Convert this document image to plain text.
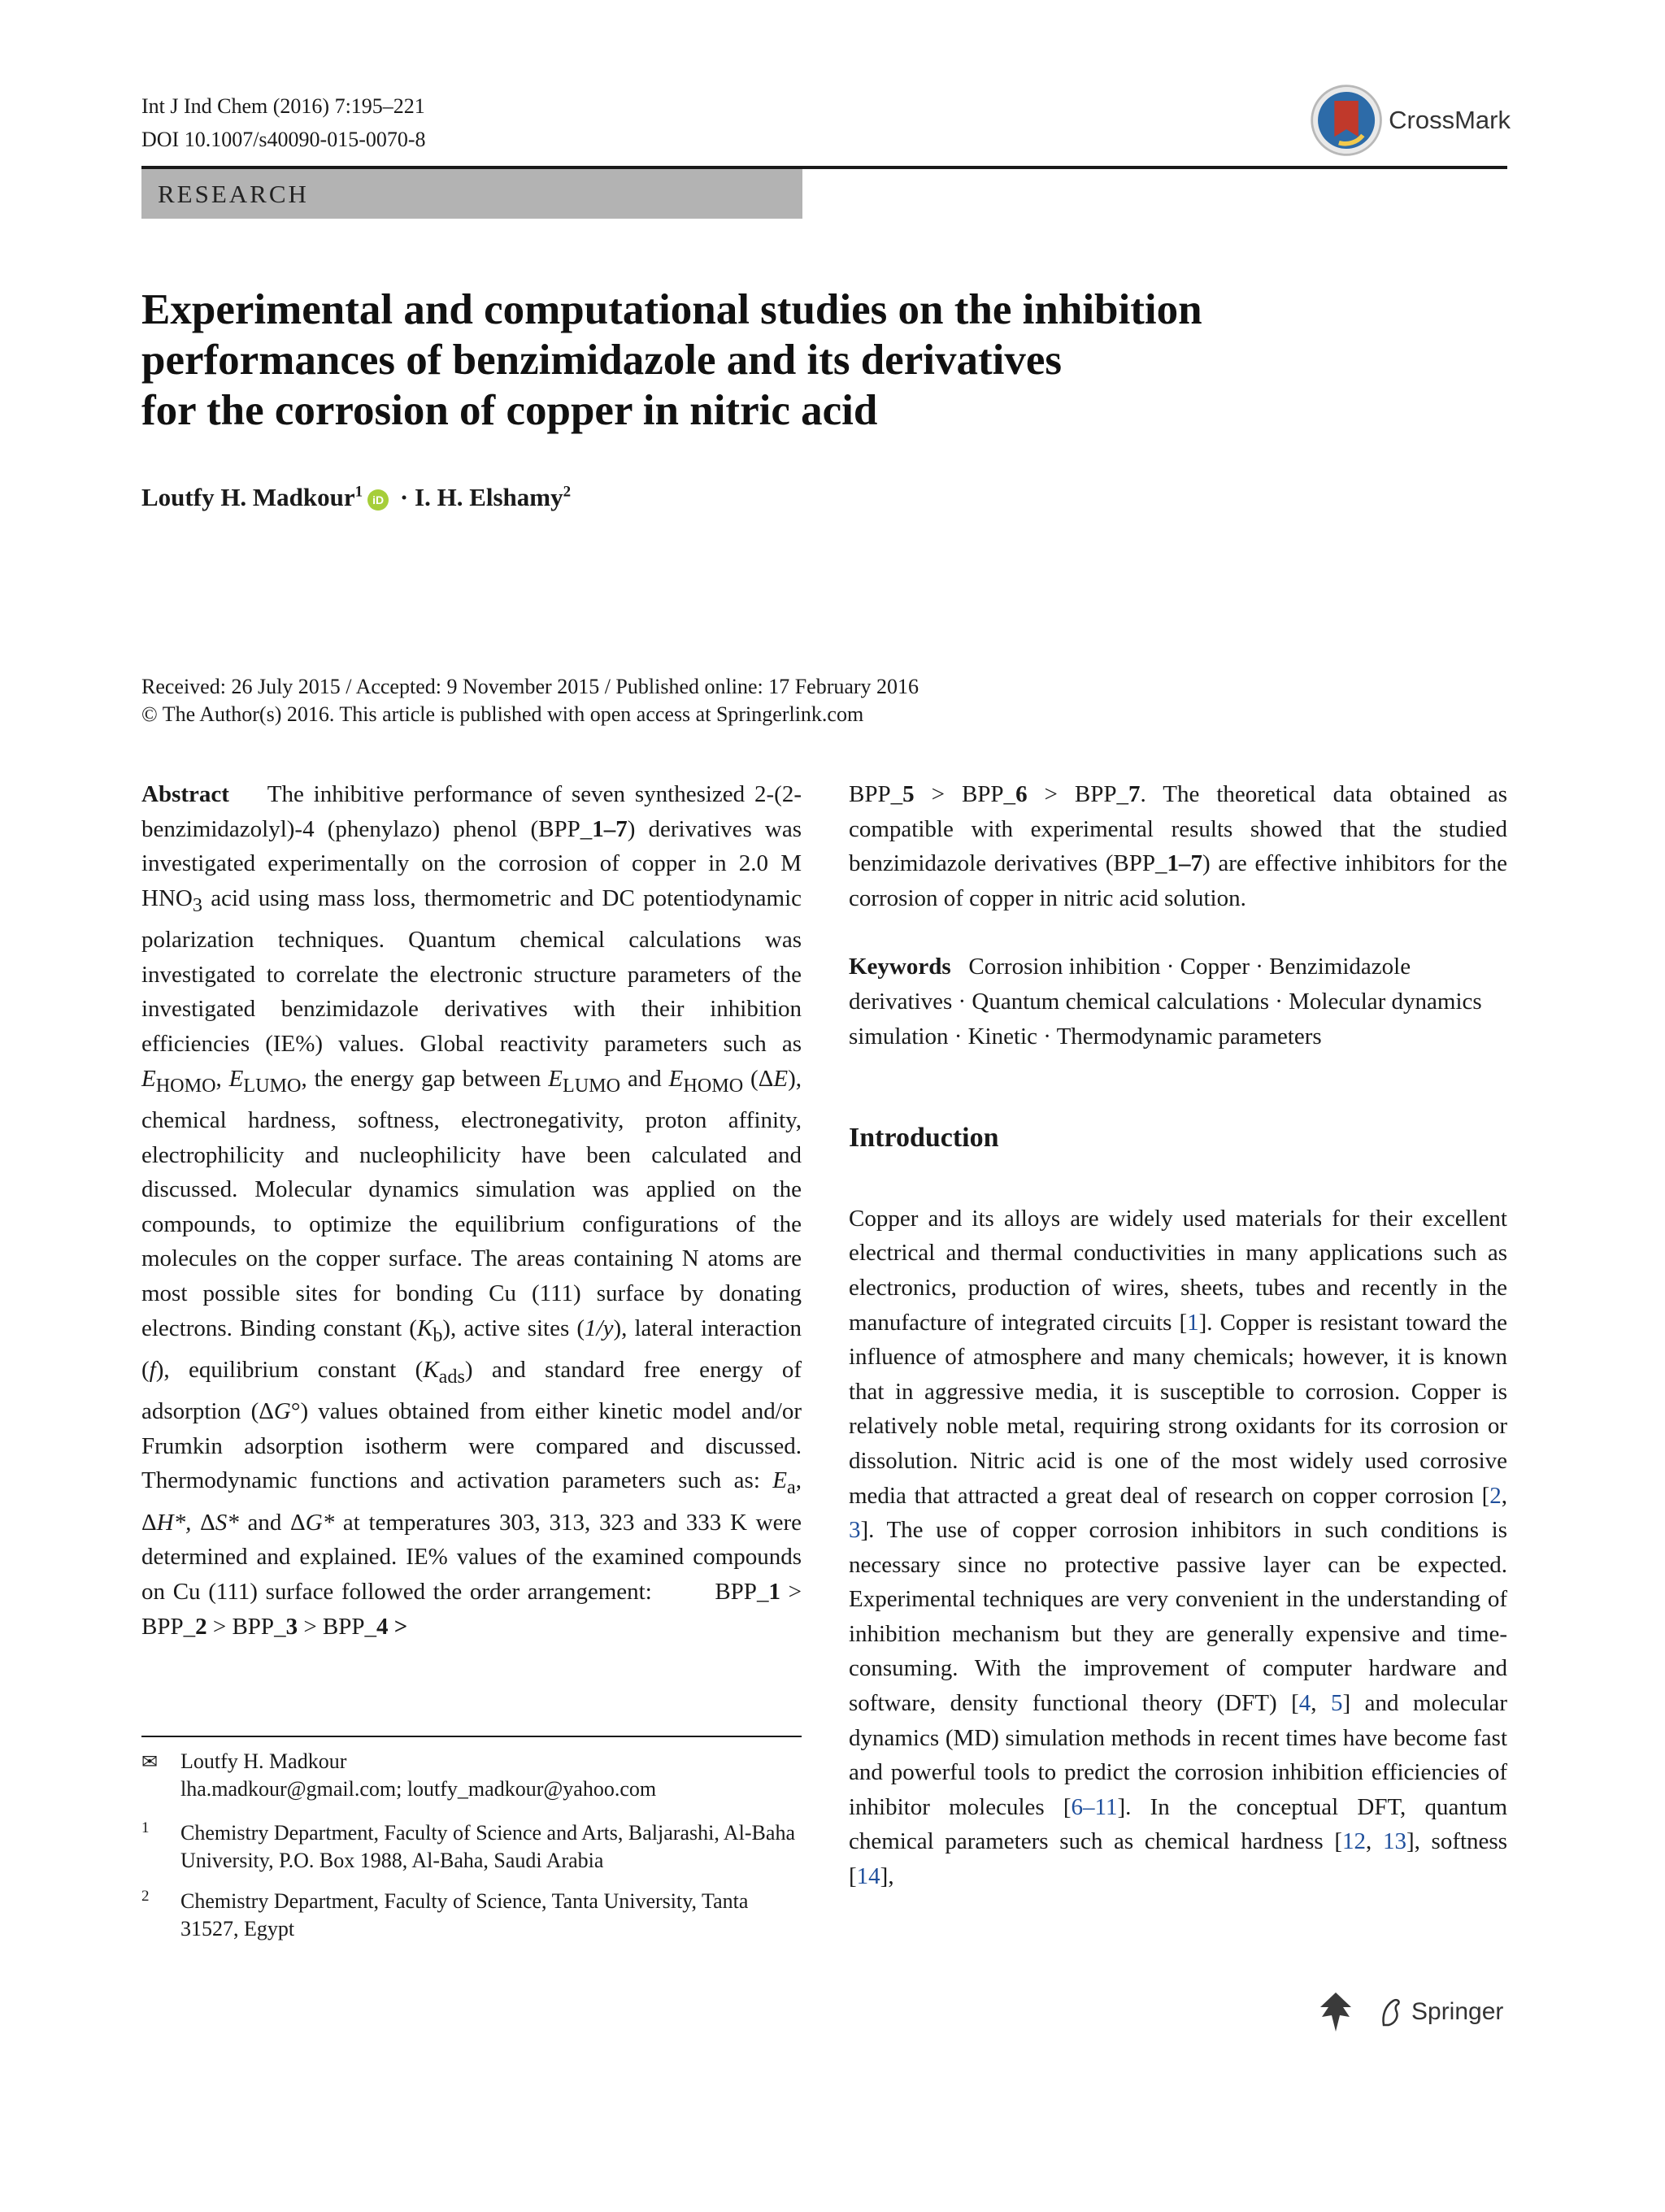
Int J Ind Chem (2016) 7:195–221
DOI 10.1007/s40090-015-0070-8
CrossMark
RESEARCH
Experimental and computational studies on the inhibition
performances of benzimidazole and its derivatives
for the corrosion of copper in nitric acid
Loutfy H. Madkour$^1$ iD · I. H. Elshamy$^2$
Received: 26 July 2015 / Accepted: 9 November 2015 / Published online: 17 February 2016
© The Author(s) 2016. This article is published with open access at Springerlink.com

Abstract    The inhibitive performance of seven synthesized 2-(2-benzimidazolyl)-4 (phenylazo) phenol (BPP_1–7) derivatives was investigated experimentally on the corrosion of copper in 2.0 M $HNO_3$ acid using mass loss, thermometric and DC potentiodynamic polarization techniques. Quantum chemical calculations was investigated to correlate the electronic structure parameters of the investigated benzimidazole derivatives with their inhibition efficiencies (IE%) values. Global reactivity parameters such as $E_{HOMO}$, $E_{LUMO}$, the energy gap between $E_{LUMO}$ and $E_{HOMO}$ (ΔE), chemical hardness, softness, electronegativity, proton affinity, electrophilicity and nucleophilicity have been calculated and discussed. Molecular dynamics simulation was applied on the compounds, to optimize the equilibrium configurations of the molecules on the copper surface. The areas containing N atoms are most possible sites for bonding Cu (111) surface by donating electrons. Binding constant $(K_b)$, active sites (1/y), lateral interaction (f), equilibrium constant $(K_{ads})$ and standard free energy of adsorption (ΔG°) values obtained from either kinetic model and/or Frumkin adsorption isotherm were compared and discussed. Thermodynamic functions and activation parameters such as: $E_a$, ΔH*, ΔS* and ΔG* at temperatures 303, 313, 323 and 333 K were determined and explained. IE% values of the examined compounds on Cu (111) surface followed the order arrangement:        BPP_1 > BPP_2 > BPP_3 > BPP_4 >

✉ Loutfy H. Madkour
lha.madkour@gmail.com; loutfy_madkour@yahoo.com
1 Chemistry Department, Faculty of Science and Arts, Baljarashi, Al-Baha University, P.O. Box 1988, Al-Baha, Saudi Arabia
2 Chemistry Department, Faculty of Science, Tanta University, Tanta 31527, Egypt

BPP_5 > BPP_6 > BPP_7. The theoretical data obtained as compatible with experimental results showed that the studied benzimidazole derivatives (BPP_1–7) are effective inhibitors for the corrosion of copper in nitric acid solution.

Keywords Corrosion inhibition · Copper · Benzimidazole derivatives · Quantum chemical calculations · Molecular dynamics simulation · Kinetic · Thermodynamic parameters

Introduction

Copper and its alloys are widely used materials for their excellent electrical and thermal conductivities in many applications such as electronics, production of wires, sheets, tubes and recently in the manufacture of integrated circuits [1]. Copper is resistant toward the influence of atmosphere and many chemicals; however, it is known that in aggressive media, it is susceptible to corrosion. Copper is relatively noble metal, requiring strong oxidants for its corrosion or dissolution. Nitric acid is one of the most widely used corrosive media that attracted a great deal of research on copper corrosion [2, 3]. The use of copper corrosion inhibitors in such conditions is necessary since no protective passive layer can be expected. Experimental techniques are very convenient in the understanding of inhibition mechanism but they are generally expensive and time-consuming. With the improvement of computer hardware and software, density functional theory (DFT) [4, 5] and molecular dynamics (MD) simulation methods in recent times have become fast and powerful tools to predict the corrosion inhibition efficiencies of inhibitor molecules [6–11]. In the conceptual DFT, quantum chemical parameters such as chemical hardness [12, 13], softness [14],

Springer
